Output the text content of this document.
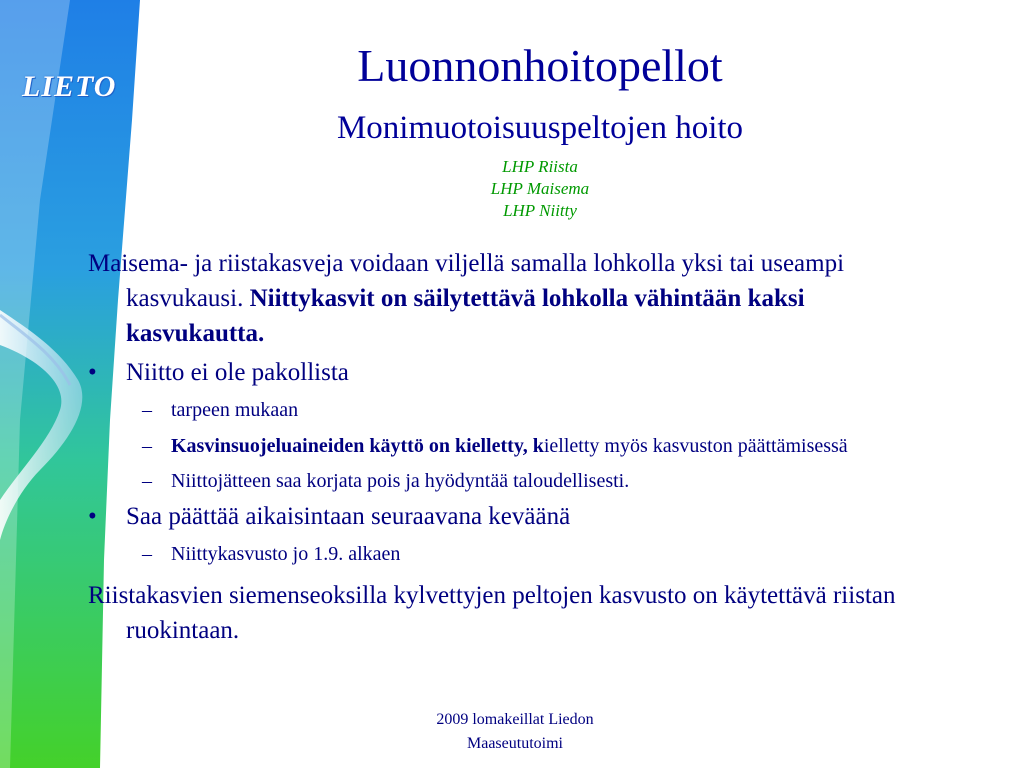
LIETO	Luonnonhoitopellot
Monimuotoisuuspeltojen hoito
LHP Riista
LHP Maisema
LHP Niitty
Maisema- ja riistakasveja voidaan viljellä samalla lohkolla yksi tai useampi kasvukausi. Niittykasvit on säilytettävä lohkolla vähintään kaksi kasvukautta.
• Niitto ei ole pakollista
– tarpeen mukaan
– Kasvinsuojeluaineiden käyttö on kielletty, kielletty myös kasvuston päättämisessä
– Niittojätteen saa korjata pois ja hyödyntää taloudellisesti.
• Saa päättää aikaisintaan seuraavana keväänä
– Niittykasvusto jo 1.9. alkaen
Riistakasvien siemenseoksilla kylvettyjen peltojen kasvusto on käytettävä riistan ruokintaan.
2009 lomakeillat Liedon
Maaseututoimi
